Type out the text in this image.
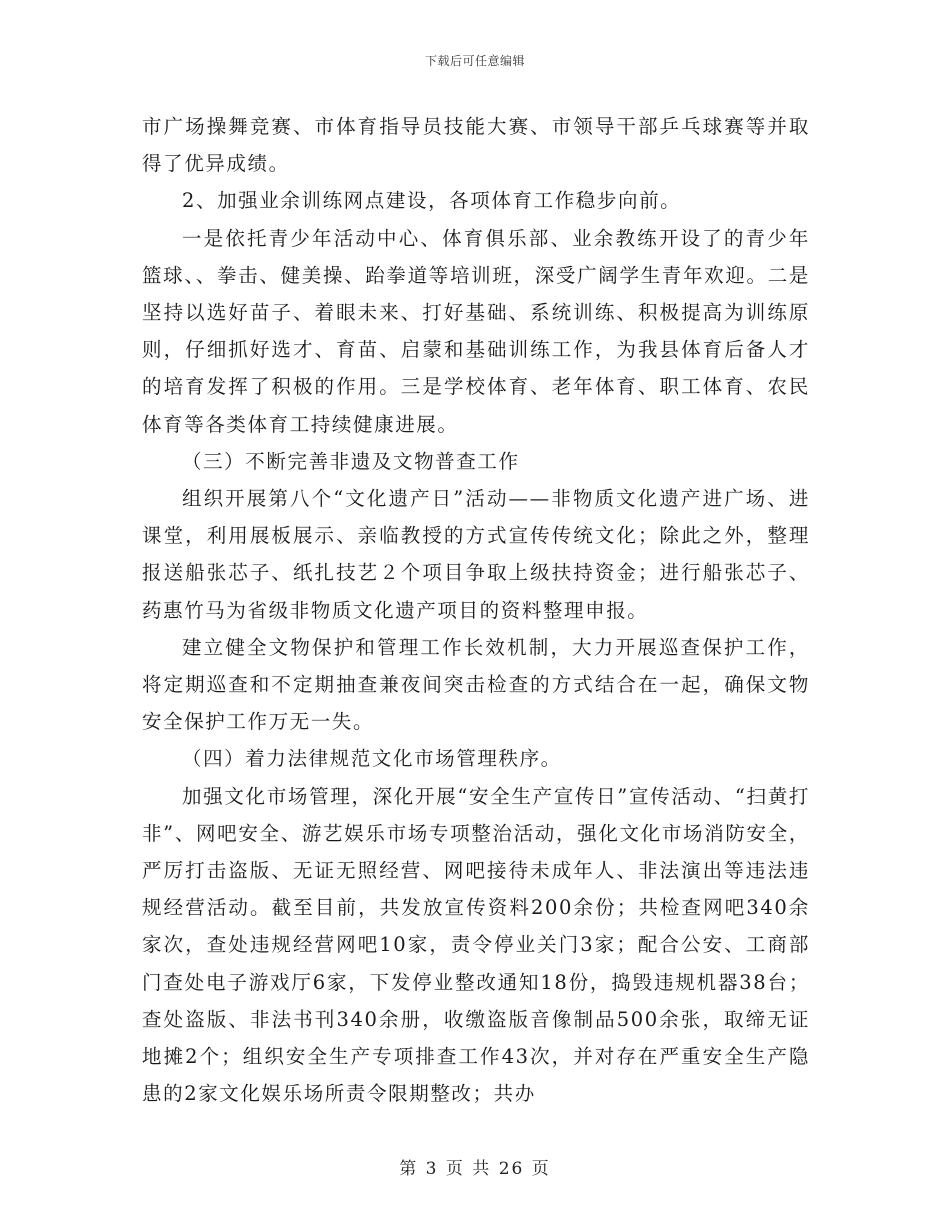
下载后可任意编辑

市广场操舞竞赛、市体育指导员技能大赛、市领导干部乒乓球赛等并取得了优异成绩。

2、加强业余训练网点建设，各项体育工作稳步向前。

一是依托青少年活动中心、体育俱乐部、业余教练开设了的青少年篮球、、拳击、健美操、跆拳道等培训班，深受广阔学生青年欢迎。二是坚持以选好苗子、着眼未来、打好基础、系统训练、积极提高为训练原则，仔细抓好选才、育苗、启蒙和基础训练工作，为我县体育后备人才的培育发挥了积极的作用。三是学校体育、老年体育、职工体育、农民体育等各类体育工持续健康进展。

（三）不断完善非遗及文物普查工作

组织开展第八个“文化遗产日”活动——非物质文化遗产进广场、进课堂，利用展板展示、亲临教授的方式宣传传统文化；除此之外，整理报送船张芯子、纸扎技艺２个项目争取上级扶持资金；进行船张芯子、药惠竹马为省级非物质文化遗产项目的资料整理申报。

建立健全文物保护和管理工作长效机制，大力开展巡查保护工作，将定期巡查和不定期抽查兼夜间突击检查的方式结合在一起，确保文物安全保护工作万无一失。

（四）着力法律规范文化市场管理秩序。

加强文化市场管理，深化开展“安全生产宣传日”宣传活动、“扫黄打非”、网吧安全、游艺娱乐市场专项整治活动，强化文化市场消防安全，严厉打击盗版、无证无照经营、网吧接待未成年人、非法演出等违法违规经营活动。截至目前，共发放宣传资料200余份；共检查网吧340余家次，查处违规经营网吧10家，责令停业关门3家；配合公安、工商部门查处电子游戏厅6家，下发停业整改通知18份，捣毁违规机器38台；查处盗版、非法书刊340余册，收缴盗版音像制品500余张，取缔无证地摊2个；组织安全生产专项排查工作43次，并对存在严重安全生产隐患的2家文化娱乐场所责令限期整改；共办

第 3 页 共 26 页
